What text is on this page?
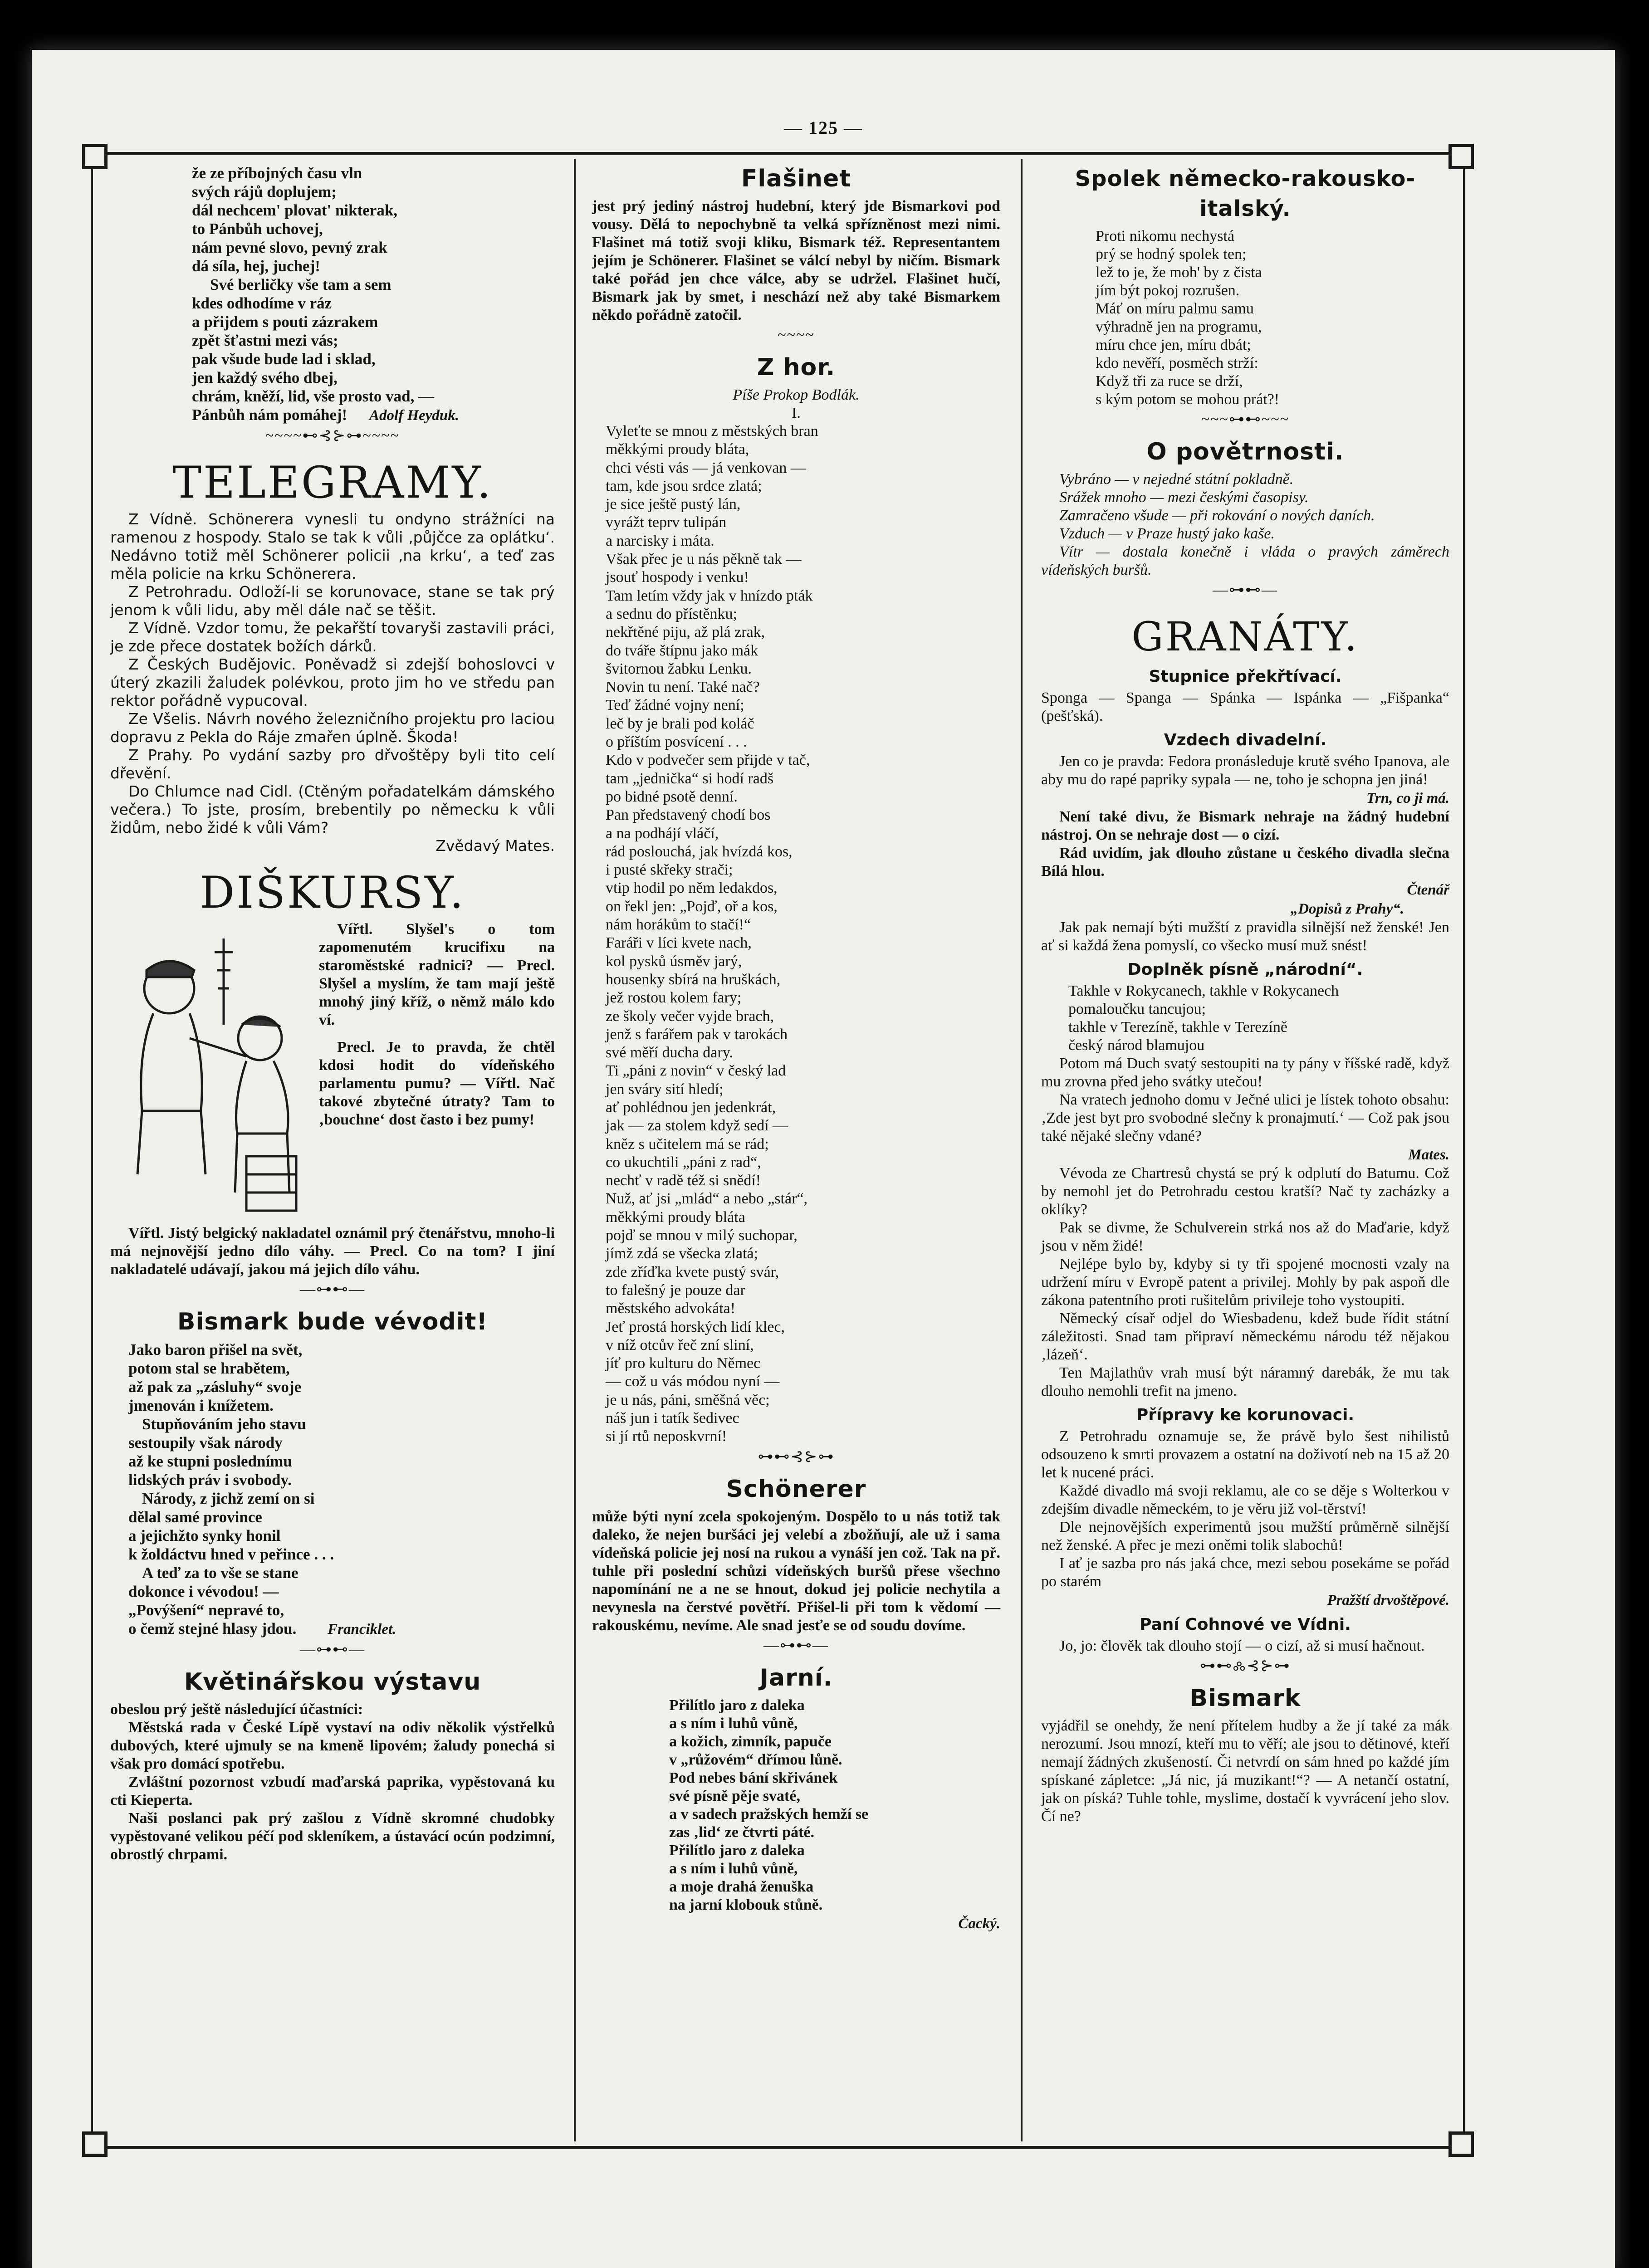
— 125 —
že ze příbojných času vln
svých rájů doplujem;
dál nechcem' plovat' nikterak,
to Pánbůh uchovej,
nám pevné slovo, pevný zrak
dá síla, hej, juchej!
Své berličky vše tam a sem
kdes odhodíme v ráz
a přijdem s pouti zázrakem
zpět šťastni mezi vás;
pak všude bude lad i sklad,
jen každý svého dbej,
chrám, kněží, lid, vše prosto vad, —
Pánbůh nám pomáhej! Adolf Heyduk.
~~~~⊷⊰⊱⊶~~~~
TELEGRAMY.

Z Vídně. Schönerera vynesli tu ondyno strážníci na ramenou z hospody. Stalo se tak k vůli ‚půjčce za oplátku‘. Nedávno totiž měl Schönerer policii ‚na krku‘, a teď zas měla policie na krku Schönerera.

Z Petrohradu. Odloží-li se korunovace, stane se tak prý jenom k vůli lidu, aby měl dále nač se těšit.

Z Vídně. Vzdor tomu, že pekařští tovaryši zastavili práci, je zde přece dostatek božích dárků.

Z Českých Budějovic. Poněvadž si zdejší bohoslovci v úterý zkazili žaludek polévkou, proto jim ho ve středu pan rektor pořádně vypucoval.

Ze Všelis. Návrh nového železničního projektu pro laciou dopravu z Pekla do Ráje zmařen úplně. Škoda!

Z Prahy. Po vydání sazby pro dřvoštěpy byli tito celí dřevění.

Do Chlumce nad Cidl. (Ctěným pořadatelkám dámského večera.) To jste, prosím, brebentily po německu k vůli židům, nebo židé k vůli Vám?

Zvědavý Mates.

DIŠKURSY.

Vířtl. Slyšel's o tom zapomenutém krucifixu na staroměstské radnici? — Precl. Slyšel a myslím, že tam mají ještě mnohý jiný kříž, o němž málo kdo ví.

Precl. Je to pravda, že chtěl kdosi hodit do vídeňského parlamentu pumu? — Vířtl. Nač takové zbytečné útraty? Tam to ‚bouchne‘ dost často i bez pumy!

Vířtl. Jistý belgický nakladatel oznámil prý čtenářstvu, mnoho-li má nejnovější jedno dílo váhy. — Precl. Co na tom? I jiní nakladatelé udávají, jakou má jejich dílo váhu.

—⊶⊷—
Bismark bude vévodit!
Jako baron přišel na svět,
potom stal se hrabětem,
až pak za „zásluhy“ svoje
jmenován i knížetem.
Stupňováním jeho stavu
sestoupily však národy
až ke stupni poslednímu
lidských práv i svobody.
Národy, z jichž zemí on si
dělal samé province
a jejichžto synky honil
k žoldáctvu hned v peřince . . .
A teď za to vše se stane
dokonce i vévodou! —
„Povýšení“ nepravé to,
o čemž stejné hlasy jdou. Franciklet.
—⊶⊷—
Květinářskou výstavu

obeslou prý ještě následující účastníci:

Městská rada v České Lípě vystaví na odiv několik výstřelků dubových, které ujmuly se na kmeně lipovém; žaludy ponechá si však pro domácí spotřebu.

Zvláštní pozornost vzbudí maďarská paprika, vypěstovaná ku cti Kieperta.

Naši poslanci pak prý zašlou z Vídně skromné chudobky vypěstované velikou péčí pod skleníkem, a ústavácí ocún podzimní, obrostlý chrpami.

Flašinet

jest prý jediný nástroj hudební, který jde Bismarkovi pod vousy. Dělá to nepochybně ta velká spřízněnost mezi nimi. Flašinet má totiž svoji kliku, Bismark též. Representantem jejím je Schönerer. Flašinet se válcí nebyl by ničím. Bismark také pořád jen chce válce, aby se udržel. Flašinet hučí, Bismark jak by smet, i neschází než aby také Bismarkem někdo pořádně zatočil.

~~~~
Z hor.
Píše Prokop Bodlák.
I.
Vyleťte se mnou z městských bran
měkkými proudy bláta,
chci vésti vás — já venkovan —
tam, kde jsou srdce zlatá;
je sice ještě pustý lán,
vyrážt teprv tulipán
a narcisky i máta.
Však přec je u nás pěkně tak —
jsouť hospody i venku!
Tam letím vždy jak v hnízdo pták
a sednu do přístěnku;
nekřtěné piju, až plá zrak,
do tváře štípnu jako mák
švitornou žabku Lenku.
Novin tu není. Také nač?
Teď žádné vojny není;
leč by je brali pod koláč
o příštím posvícení . . .
Kdo v podvečer sem přijde v tač,
tam „jednička“ si hodí radš
po bidné psotě denní.
Pan představený chodí bos
a na podhájí vláčí,
rád poslouchá, jak hvízdá kos,
i pusté skřeky strači;
vtip hodil po něm ledakdos,
on řekl jen: „Pojď, oř a kos,
nám horákům to stačí!“
Faráři v líci kvete nach,
kol pysků úsměv jarý,
housenky sbírá na hruškách,
jež rostou kolem fary;
ze školy večer vyjde brach,
jenž s farářem pak v tarokách
své měří ducha dary.
Ti „páni z novin“ v český lad
jen sváry sití hledí;
ať pohlédnou jen jedenkrát,
jak — za stolem když sedí —
kněz s učitelem má se rád;
co ukuchtili „páni z rad“,
nechť v radě též si snědí!
Nuž, ať jsi „mlád“ a nebo „stár“,
měkkými proudy bláta
pojď se mnou v milý suchopar,
jímž zdá se všecka zlatá;
zde zříďka kvete pustý svár,
to falešný je pouze dar
městského advokáta!
Jeť prostá horských lidí klec,
v níž otcův řeč zní sliní,
jíť pro kulturu do Němec
— což u vás módou nyní —
je u nás, páni, směšná věc;
náš jun i tatík šedivec
si jí rtů neposkvrní!
⊶⊷⊰⊱⊶
Schönerer

může býti nyní zcela spokojeným. Dospělo to u nás totiž tak daleko, že nejen buršáci jej velebí a zbožňují, ale už i sama vídeňská policie jej nosí na rukou a vynáší jen což. Tak na př. tuhle při poslední schůzi vídeňských buršů přese všechno napomínání ne a ne se hnout, dokud jej policie nechytila a nevynesla na čerstvé povětří. Přišel-li při tom k vědomí — rakouskému, nevíme. Ale snad jesťe se od soudu dovíme.

—⊶⊷—
Jarní.
Přilítlo jaro z daleka
a s ním i luhů vůně,
a kožich, zimník, papuče
v „růžovém“ dřímou lůně.
Pod nebes bání skřivánek
své písně pěje svaté,
a v sadech pražských hemží se
zas ‚lid‘ ze čtvrti páté.
Přilítlo jaro z daleka
a s ním i luhů vůně,
a moje drahá ženuška
na jarní klobouk stůně.
Čacký.
Spolek německo-rakousko-italský.
Proti nikomu nechystá
prý se hodný spolek ten;
lež to je, že moh' by z čista
jím být pokoj rozrušen.
Máť on míru palmu samu
výhradně jen na programu,
míru chce jen, míru dbát;
kdo nevěří, posměch strží:
Když tři za ruce se drží,
s kým potom se mohou prát?!
~~~⊶⊷~~~
O povětrnosti.

Vybráno — v nejedné státní pokladně.

Srážek mnoho — mezi českými časopisy.

Zamračeno všude — při rokování o nových daních.

Vzduch — v Praze hustý jako kaše.

Vítr — dostala konečně i vláda o pravých záměrech vídeňských buršů.

—⊶⊷—
GRANÁTY.
Stupnice překřtívací.

Sponga — Spanga — Spánka — Ispánka — „Fišpanka“ (pešťská).

Vzdech divadelní.

Jen co je pravda: Fedora pronásleduje krutě svého Ipanova, ale aby mu do rapé papriky sypala — ne, toho je schopna jen jiná!

Trn, co ji má.

Není také divu, že Bismark nehraje na žádný hudební nástroj. On se nehraje dost — o cizí.

Rád uvidím, jak dlouho zůstane u českého divadla slečna Bílá hlou.

Čtenář
„Dopisů z Prahy“.

Jak pak nemají býti mužští z pravidla silnější než ženské! Jen ať si každá žena pomyslí, co všecko musí muž snést!

Doplněk písně „národní“.
Takhle v Rokycanech, takhle v Rokycanech
pomaloučku tancujou;
takhle v Terezíně, takhle v Terezíně
český národ blamujou

Potom má Duch svatý sestoupiti na ty pány v říšské radě, když mu zrovna před jeho svátky utečou!

Na vratech jednoho domu v Ječné ulici je lístek tohoto obsahu: ‚Zde jest byt pro svobodné slečny k pronajmutí.‘ — Což pak jsou také nějaké slečny vdané?

Mates.

Vévoda ze Chartresů chystá se prý k odplutí do Batumu. Což by nemohl jet do Petrohradu cestou kratší? Nač ty zacházky a oklíky?

Pak se divme, že Schulverein strká nos až do Maďarie, když jsou v něm židé!

Nejlépe bylo by, kdyby si ty tři spojené mocnosti vzaly na udržení míru v Evropě patent a privilej. Mohly by pak aspoň dle zákona patentního proti rušitelům privileje toho vystoupiti.

Německý císař odjel do Wiesbadenu, kdež bude řídit státní záležitosti. Snad tam připraví německému národu též nějakou ‚lázeň‘.

Ten Majlathův vrah musí být náramný darebák, že mu tak dlouho nemohli trefit na jmeno.

Přípravy ke korunovaci.

Z Petrohradu oznamuje se, že právě bylo šest nihilistů odsouzeno k smrti provazem a ostatní na doživotí neb na 15 až 20 let k nucené práci.

Každé divadlo má svoji reklamu, ale co se děje s Wolterkou v zdejším divadle německém, to je věru již vol-těrství!

Dle nejnovějších experimentů jsou mužští průměrně silnější než ženské. A přec je mezi oněmi tolik slabochů!

I ať je sazba pro nás jaká chce, mezi sebou posekáme se pořád po starém

Pražští drvoštěpové.
Paní Cohnové ve Vídni.

Jo, jo: člověk tak dlouho stojí — o cizí, až si musí hačnout.

⊶⊷🝆⊰⊱⊶
Bismark

vyjádřil se onehdy, že není přítelem hudby a že jí také za mák nerozumí. Jsou mnozí, kteří mu to věří; ale jsou to dětinové, kteří nemají žádných zkušeností. Či netvrdí on sám hned po každé jím spískané zápletce: „Já nic, já muzikant!“? — A netančí ostatní, jak on píská? Tuhle tohle, myslime, dostačí k vyvrácení jeho slov. Čí ne?
